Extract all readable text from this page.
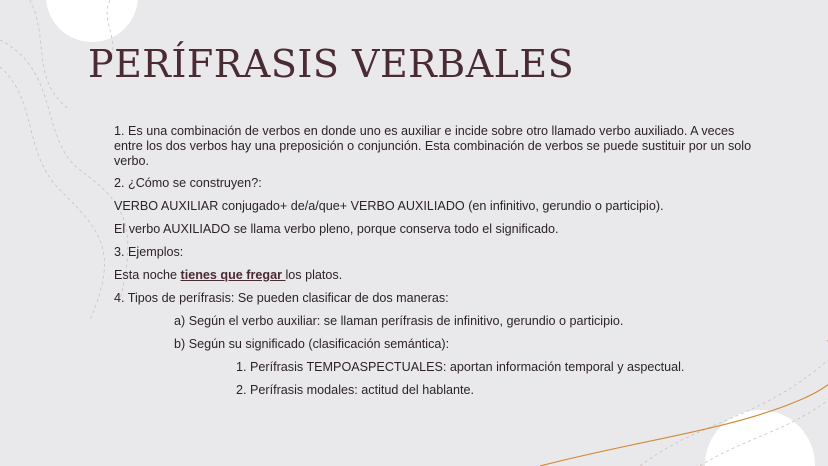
PERÍFRASIS VERBALES

1. Es una combinación de verbos en donde uno es auxiliar e incide sobre otro llamado verbo auxiliado. A veces entre los dos verbos hay una preposición o conjunción. Esta combinación de verbos se puede sustituir por un solo verbo.

2. ¿Cómo se construyen?:

VERBO AUXILIAR conjugado+ de/a/que+ VERBO AUXILIADO (en infinitivo, gerundio o participio).

El verbo AUXILIADO se llama verbo pleno, porque conserva todo el significado.

3. Ejemplos:

Esta noche tienes que fregar los platos.

4. Tipos de perífrasis: Se pueden clasificar de dos maneras:

a) Según el verbo auxiliar: se llaman perífrasis de infinitivo, gerundio o participio.

b) Según su significado (clasificación semántica):

1. Perífrasis TEMPOASPECTUALES: aportan información temporal y aspectual.

2. Perífrasis modales: actitud del hablante.
